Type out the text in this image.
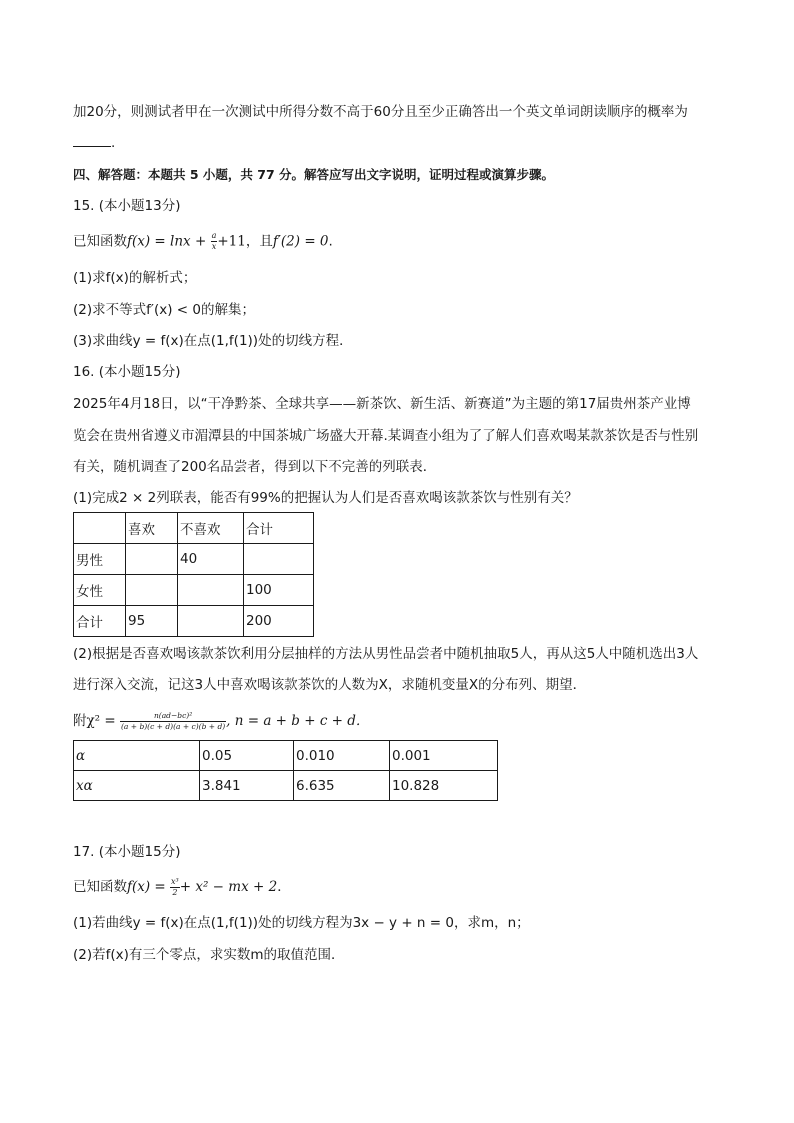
加20分，则测试者甲在一次测试中所得分数不高于60分且至少正确答出一个英文单词朗读顺序的概率为
.
四、解答题：本题共 5 小题，共 77 分。解答应写出文字说明，证明过程或演算步骤。
15. (本小题13分)
已知函数$f(x) = \ln x + \frac{a}{x} +11$，且f′(2) = 0.
(1)求f(x)的解析式；
(2)求不等式f′(x) < 0的解集；
(3)求曲线y = f(x)在点(1,f(1))处的切线方程．
16. (本小题15分)
2025年4月18日，以“干净黔茶、全球共享——新茶饮、新生活、新赛道”为主题的第17届贵州茶产业博
览会在贵州省遵义市湄潭县的中国茶城广场盛大开幕.某调查小组为了了解人们喜欢喝某款茶饮是否与性别
有关，随机调查了200名品尝者，得到以下不完善的列联表．
(1)完成2 × 2列联表，能否有99%的把握认为人们是否喜欢喝该款茶饮与性别有关？
	喜欢	不喜欢	合计
男性		40	
女性			100
合计	95		200
(2)根据是否喜欢喝该款茶饮利用分层抽样的方法从男性品尝者中随机抽取5人，再从这5人中随机选出3人
进行深入交流，记这3人中喜欢喝该款茶饮的人数为X，求随机变量X的分布列、期望．
附$\chi^2 = \frac{\text{n(ad−bc)²}}{(a + b)(c + d)(a + c)(b + d)}$ , n = a + b + c + d．
α	0.05	0.010	0.001
xα	3.841	6.635	10.828
17. (本小题15分)
已知函数$f(x) = \frac{\text{x³}}{2} + x^2$ − mx + 2．
(1)若曲线y = f(x)在点(1,f(1))处的切线方程为3x − y + n = 0，求m，n；
(2)若f(x)有三个零点，求实数m的取值范围．
